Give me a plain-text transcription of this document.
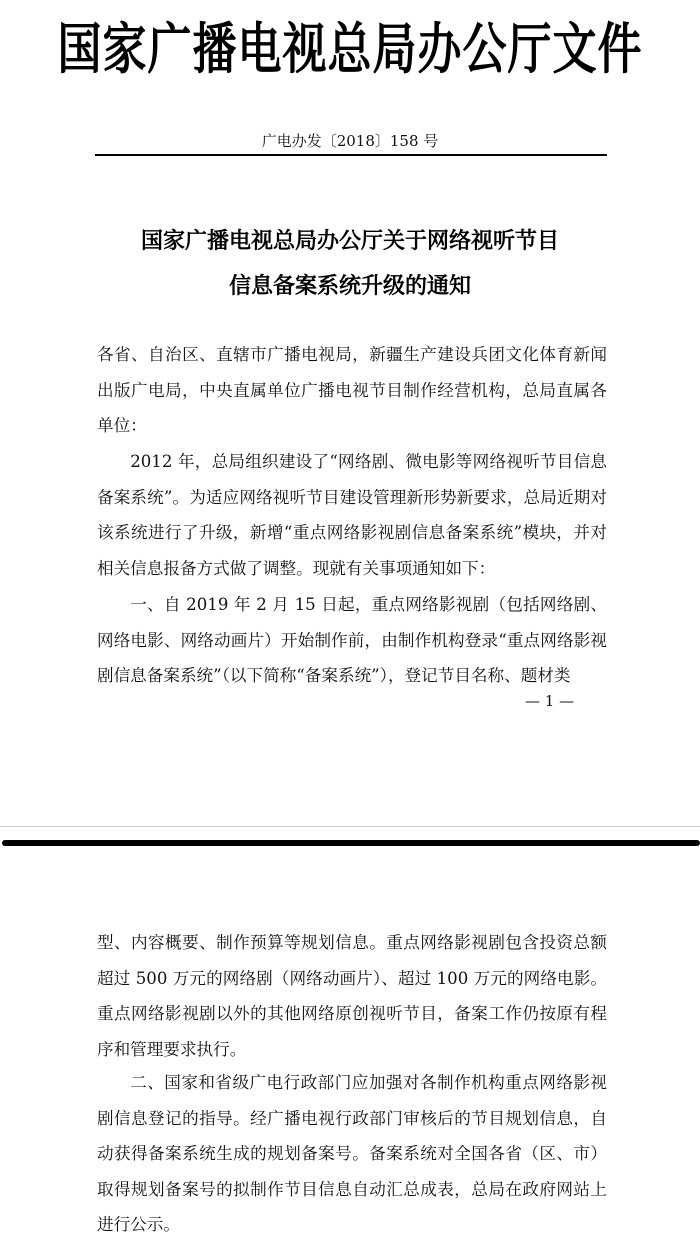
国家广播电视总局办公厅文件
广电办发〔2018〕158 号
国家广播电视总局办公厅关于网络视听节目
信息备案系统升级的通知

各省、自治区、直辖市广播电视局，新疆生产建设兵团文化体育新闻出版广电局，中央直属单位广播电视节目制作经营机构，总局直属各单位：

2012 年，总局组织建设了“网络剧、微电影等网络视听节目信息备案系统”。为适应网络视听节目建设管理新形势新要求，总局近期对该系统进行了升级，新增“重点网络影视剧信息备案系统”模块，并对相关信息报备方式做了调整。现就有关事项通知如下：

一、自 2019 年 2 月 15 日起，重点网络影视剧（包括网络剧、网络电影、网络动画片）开始制作前，由制作机构登录“重点网络影视剧信息备案系统”（以下简称“备案系统”），登记节目名称、题材类

— 1 —

型、内容概要、制作预算等规划信息。重点网络影视剧包含投资总额超过 500 万元的网络剧（网络动画片）、超过 100 万元的网络电影。重点网络影视剧以外的其他网络原创视听节目，备案工作仍按原有程序和管理要求执行。

二、国家和省级广电行政部门应加强对各制作机构重点网络影视剧信息登记的指导。经广播电视行政部门审核后的节目规划信息，自动获得备案系统生成的规划备案号。备案系统对全国各省（区、市）取得规划备案号的拟制作节目信息自动汇总成表，总局在政府网站上进行公示。
